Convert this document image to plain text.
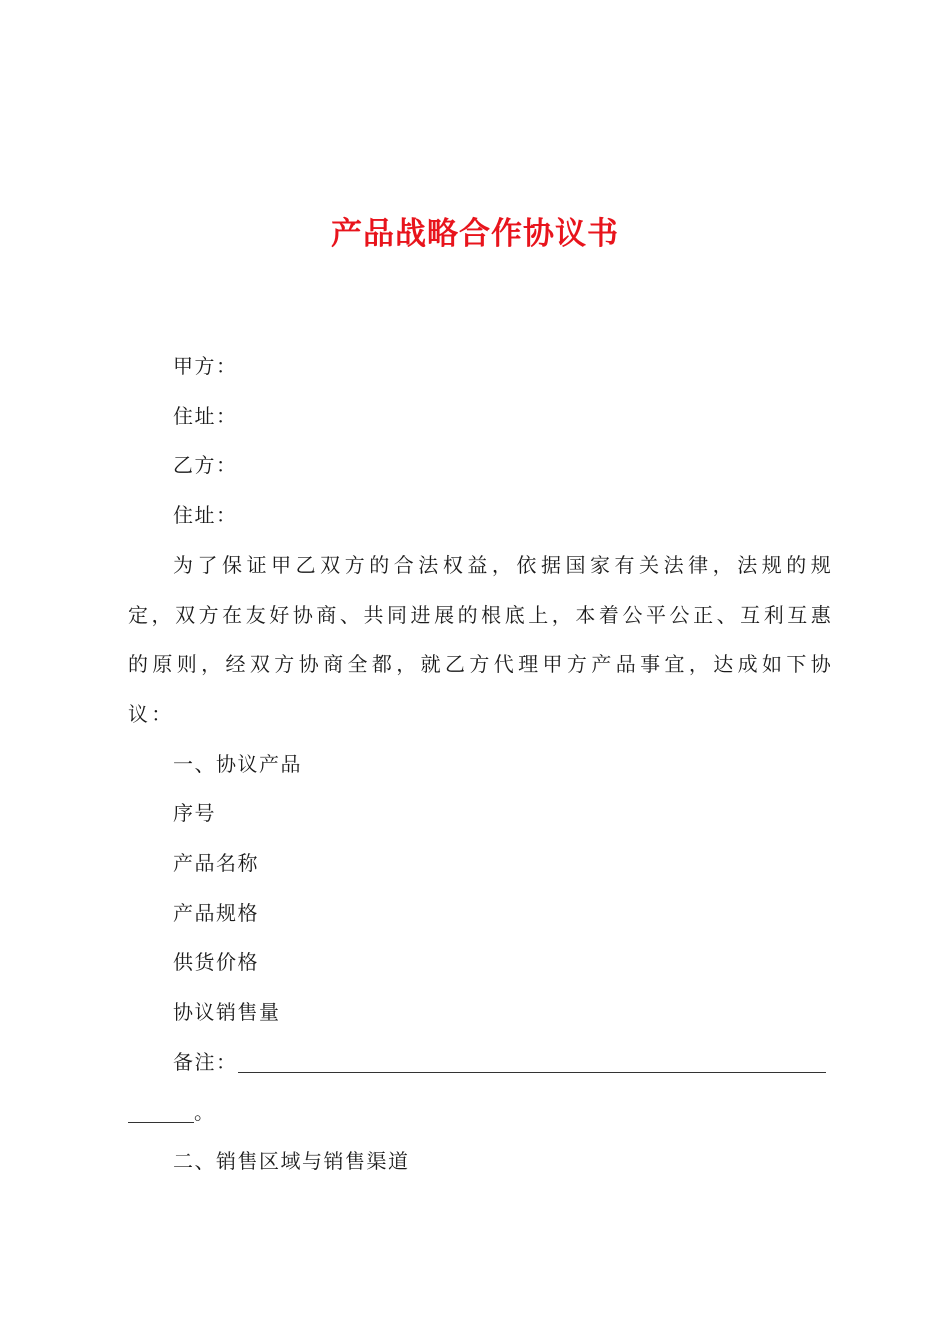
产品战略合作协议书

甲方：

住址：

乙方：

住址：

为了保证甲乙双方的合法权益，依据国家有关法律，法规的规定，双方在友好协商、共同进展的根底上，本着公平公正、互利互惠的原则，经双方协商全都，就乙方代理甲方产品事宜，达成如下协议：

一、协议产品

序号

产品名称

产品规格

供货价格

协议销售量

备注：

。

二、销售区域与销售渠道
